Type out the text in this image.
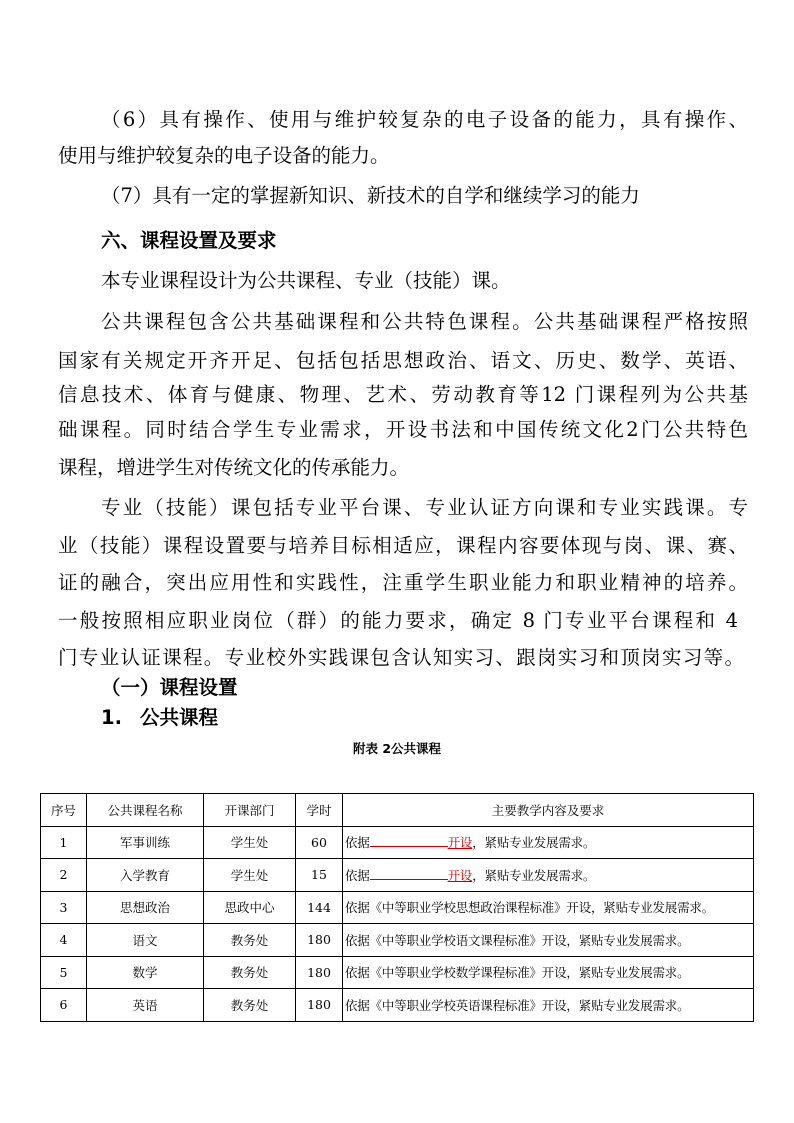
（6）具有操作、使用与维护较复杂的电子设备的能力，具有操作、
使用与维护较复杂的电子设备的能力。
（7）具有一定的掌握新知识、新技术的自学和继续学习的能力
六、课程设置及要求
本专业课程设计为公共课程、专业（技能）课。
公共课程包含公共基础课程和公共特色课程。公共基础课程严格按照
国家有关规定开齐开足、包括包括思想政治、语文、历史、数学、英语、
信息技术、体育与健康、物理、艺术、劳动教育等12 门课程列为公共基
础课程。同时结合学生专业需求，开设书法和中国传统文化2门公共特色
课程，增进学生对传统文化的传承能力。
专业（技能）课包括专业平台课、专业认证方向课和专业实践课。专
业（技能）课程设置要与培养目标相适应，课程内容要体现与岗、课、赛、
证的融合，突出应用性和实践性，注重学生职业能力和职业精神的培养。
一般按照相应职业岗位（群）的能力要求，确定 8 门专业平台课程和 4
门专业认证课程。专业校外实践课包含认知实习、跟岗实习和顶岗实习等。
（一）课程设置
1. 公共课程
附表 2公共课程
序号	公共课程名称	开课部门	学时	主要教学内容及要求
1	军事训练	学生处	60	依据 开设，紧贴专业发展需求。
2	入学教育	学生处	15	依据 开设，紧贴专业发展需求。
3	思想政治	思政中心	144	依据《中等职业学校思想政治课程标准》开设，紧贴专业发展需求。
4	语文	教务处	180	依据《中等职业学校语文课程标准》开设，紧贴专业发展需求。
5	数学	教务处	180	依据《中等职业学校数学课程标准》开设，紧贴专业发展需求。
6	英语	教务处	180	依据《中等职业学校英语课程标准》开设，紧贴专业发展需求。
